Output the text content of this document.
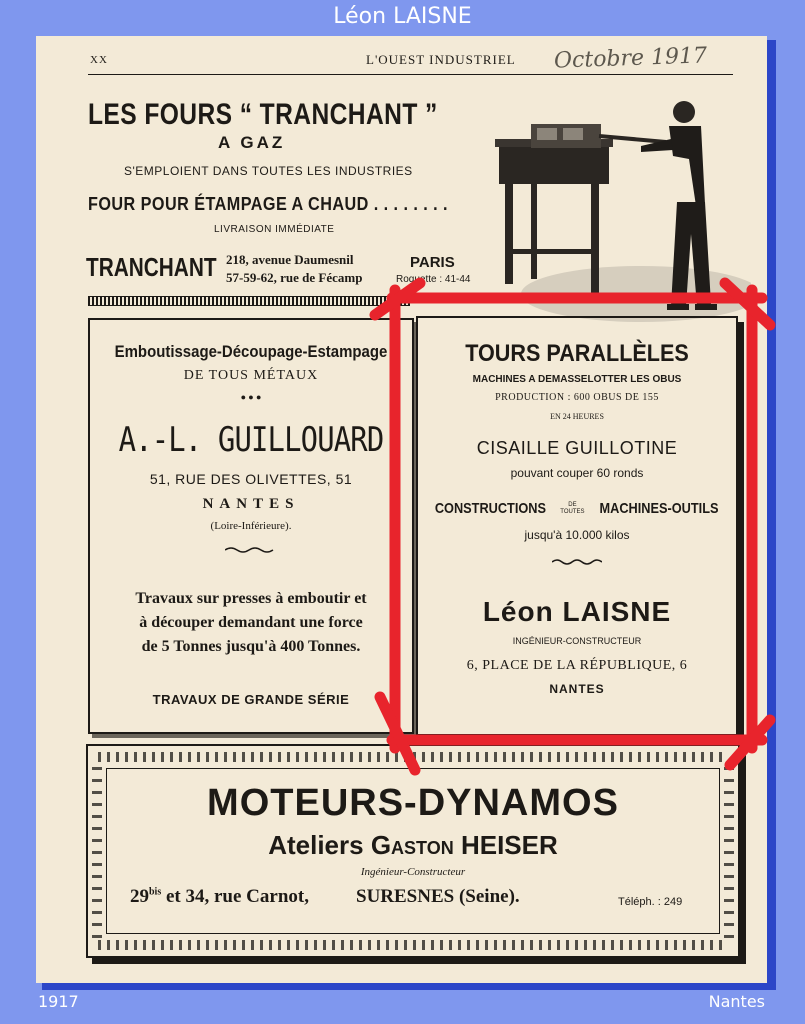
Léon LAISNE
XX	L'OUEST INDUSTRIEL Octobre 1917
LES FOURS “ TRANCHANT ”
A GAZ
S'EMPLOIENT DANS TOUTES LES INDUSTRIES
FOUR POUR ÉTAMPAGE A CHAUD . . . . . . . .
LIVRAISON IMMÉDIATE
TRANCHANT 218, avenue Daumesnil
57-59-62, rue de Fécamp
PARIS
Roquette : 41-44
Emboutissage-Découpage-Estampage
DE TOUS MÉTAUX
● ● ●
A.-L. GUILLOUARD
51, RUE DES OLIVETTES, 51
NANTES
(Loire-Inférieure).
Travaux sur presses à emboutir et
à découper demandant une force
de 5 Tonnes jusqu'à 400 Tonnes.
TRAVAUX DE GRANDE SÉRIE
TOURS PARALLÈLES
MACHINES A DEMASSELOTTER LES OBUS
PRODUCTION : 600 OBUS DE 155
EN 24 HEURES
CISAILLE GUILLOTINE
pouvant couper 60 ronds
CONSTRUCTIONS	DE
TOUTES MACHINES-OUTILS
jusqu'à 10.000 kilos
Léon LAISNE
INGÉNIEUR-CONSTRUCTEUR
6, PLACE DE LA RÉPUBLIQUE, 6
NANTES
MOTEURS-DYNAMOS
Ateliers Gaston HEISER
Ingénieur-Constructeur
$29^{bis}$ et 34, rue Carnot, SURESNES (Seine).	Téléph. : 249
1917	Nantes
